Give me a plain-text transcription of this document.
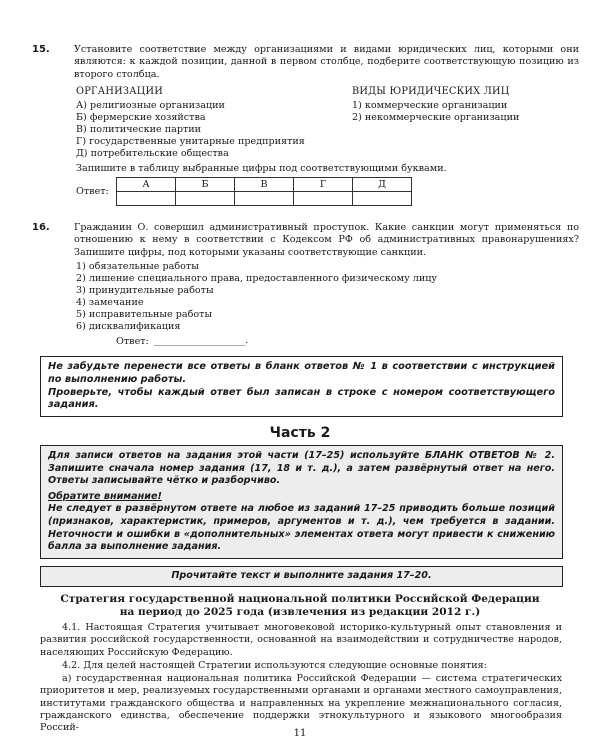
15.	Установите соответствие между организациями и видами юридических лиц, которыми они являются: к каждой позиции, данной в первом столбце, подберите соответствующую позицию из второго столбца.
ОРГАНИЗАЦИИ	ВИДЫ ЮРИДИЧЕСКИХ ЛИЦ
А) религиозные организации
Б) фермерские хозяйства
В) политические партии
Г) государственные унитарные предприятия
Д) потребительские общества
1) коммерческие организации
2) некоммерческие организации
Запишите в таблицу выбранные цифры под соответствующими буквами.
Ответ:
А	Б	В	Г	Д

16.	Гражданин О. совершил административный проступок. Какие санкции могут применяться по отношению к нему в соответствии с Кодексом РФ об административных правонарушениях? Запишите цифры, под которыми указаны соответствующие санкции.
1) обязательные работы
2) лишение специального права, предоставленного физическому лицу
3) принудительные работы
4) замечание
5) исправительные работы
6) дисквалификация
Ответ: ___________________.
Не забудьте перенести все ответы в бланк ответов № 1 в соответствии с инструкцией по выполнению работы.
Проверьте, чтобы каждый ответ был записан в строке с номером соответствующего задания.
Часть 2

Для записи ответов на задания этой части (17–25) используйте БЛАНК ОТВЕТОВ № 2. Запишите сначала номер задания (17, 18 и т. д.), а затем развёрнутый ответ на него. Ответы записывайте чётко и разборчиво.

Обратите внимание!

Не следует в развёрнутом ответе на любое из заданий 17–25 приводить больше позиций (признаков, характеристик, примеров, аргументов и т. д.), чем требуется в задании. Неточности и ошибки в «дополнительных» элементах ответа могут привести к снижению балла за выполнение задания.

Прочитайте текст и выполните задания 17–20.
Стратегия государственной национальной политики Российской Федерации
на период до 2025 года (извлечения из редакции 2012 г.)

4.1. Настоящая Стратегия учитывает многовековой историко-культурный опыт становления и развития российской государственности, основанной на взаимодействии и сотрудничестве народов, населяющих Российскую Федерацию.

4.2. Для целей настоящей Стратегии используются следующие основные понятия:

а) государственная национальная политика Российской Федерации — система стратегических приоритетов и мер, реализуемых государственными органами и органами местного самоуправления, институтами гражданского общества и направленных на укрепление межнационального согласия, гражданского единства, обеспечение поддержки этнокультурного и языкового многообразия Россий-

11
